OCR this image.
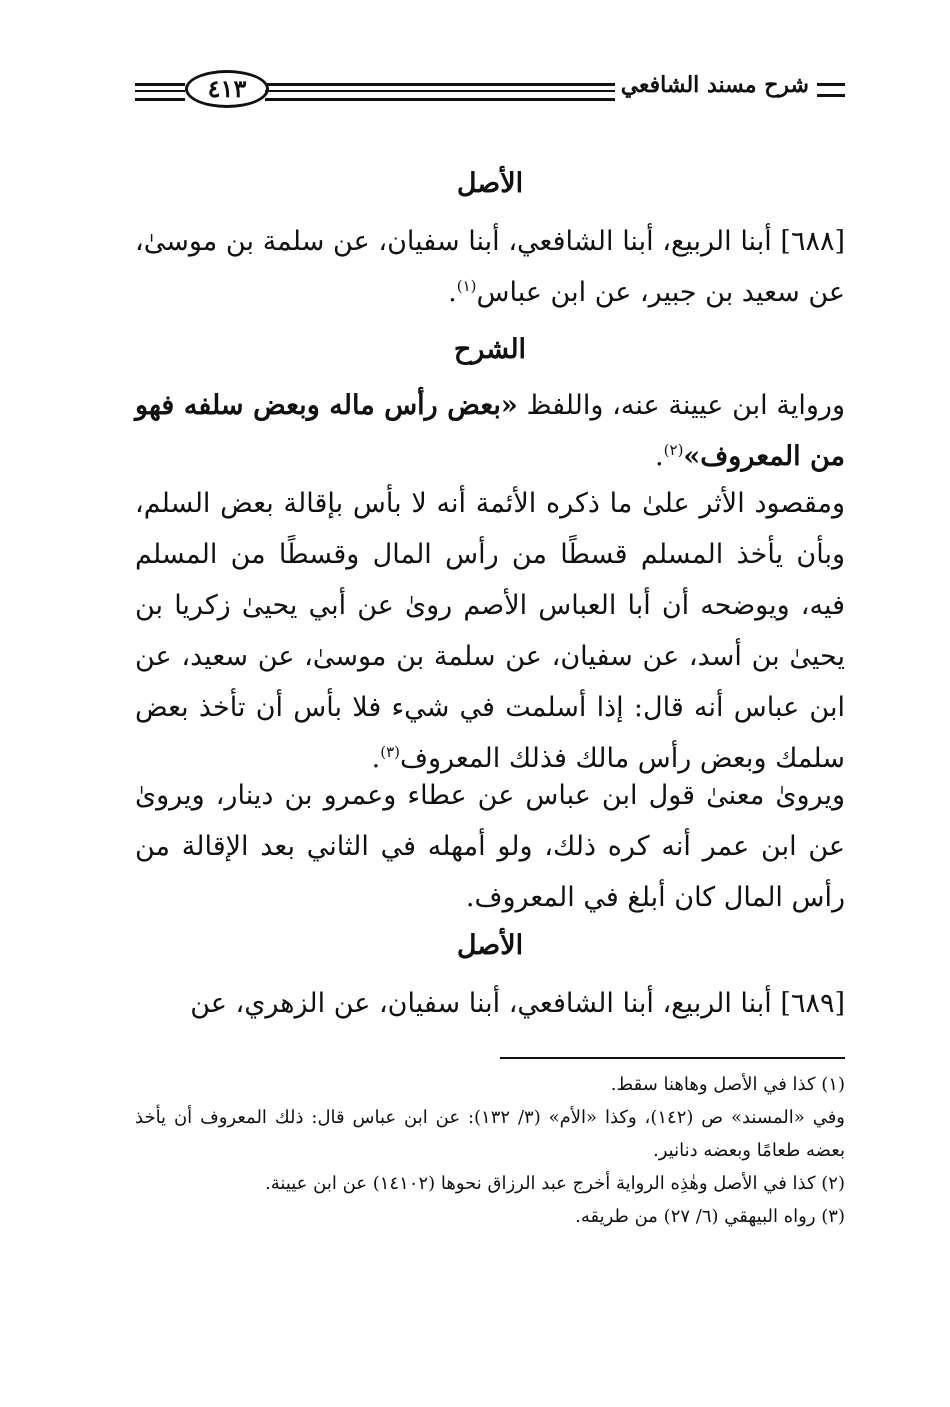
شرح مسند الشافعي
٤١٣
الأصل
[٦٨٨] أبنا الربيع، أبنا الشافعي، أبنا سفيان، عن سلمة بن موسىٰ، عن سعيد بن جبير، عن ابن عباس$^{(١)}$.
الشرح
ورواية ابن عيينة عنه، واللفظ «بعض رأس ماله وبعض سلفه فهو من المعروف»$^{(٢)}$.
ومقصود الأثر علىٰ ما ذكره الأئمة أنه لا بأس بإقالة بعض السلم، وبأن يأخذ المسلم قسطًا من رأس المال وقسطًا من المسلم فيه، ويوضحه أن أبا العباس الأصم روىٰ عن أبي يحيىٰ زكريا بن يحيىٰ بن أسد، عن سفيان، عن سلمة بن موسىٰ، عن سعيد، عن ابن عباس أنه قال: إذا أسلمت في شيء فلا بأس أن تأخذ بعض سلمك وبعض رأس مالك فذلك المعروف$^{(٣)}$.
ويروىٰ معنىٰ قول ابن عباس عن عطاء وعمرو بن دينار، ويروىٰ عن ابن عمر أنه كره ذلك، ولو أمهله في الثاني بعد الإقالة من رأس المال كان أبلغ في المعروف.
الأصل
[٦٨٩] أبنا الربيع، أبنا الشافعي، أبنا سفيان، عن الزهري، عن

(١) كذا في الأصل وهاهنا سقط.

وفي «المسند» ص (١٤٢)، وكذا «الأم» (٣/ ١٣٢): عن ابن عباس قال: ذلك المعروف أن يأخذ بعضه طعامًا وبعضه دنانير.

(٢) كذا في الأصل وهٰذِه الرواية أخرج عبد الرزاق نحوها (١٤١٠٢) عن ابن عيينة.

(٣) رواه البيهقي (٦/ ٢٧) من طريقه.
